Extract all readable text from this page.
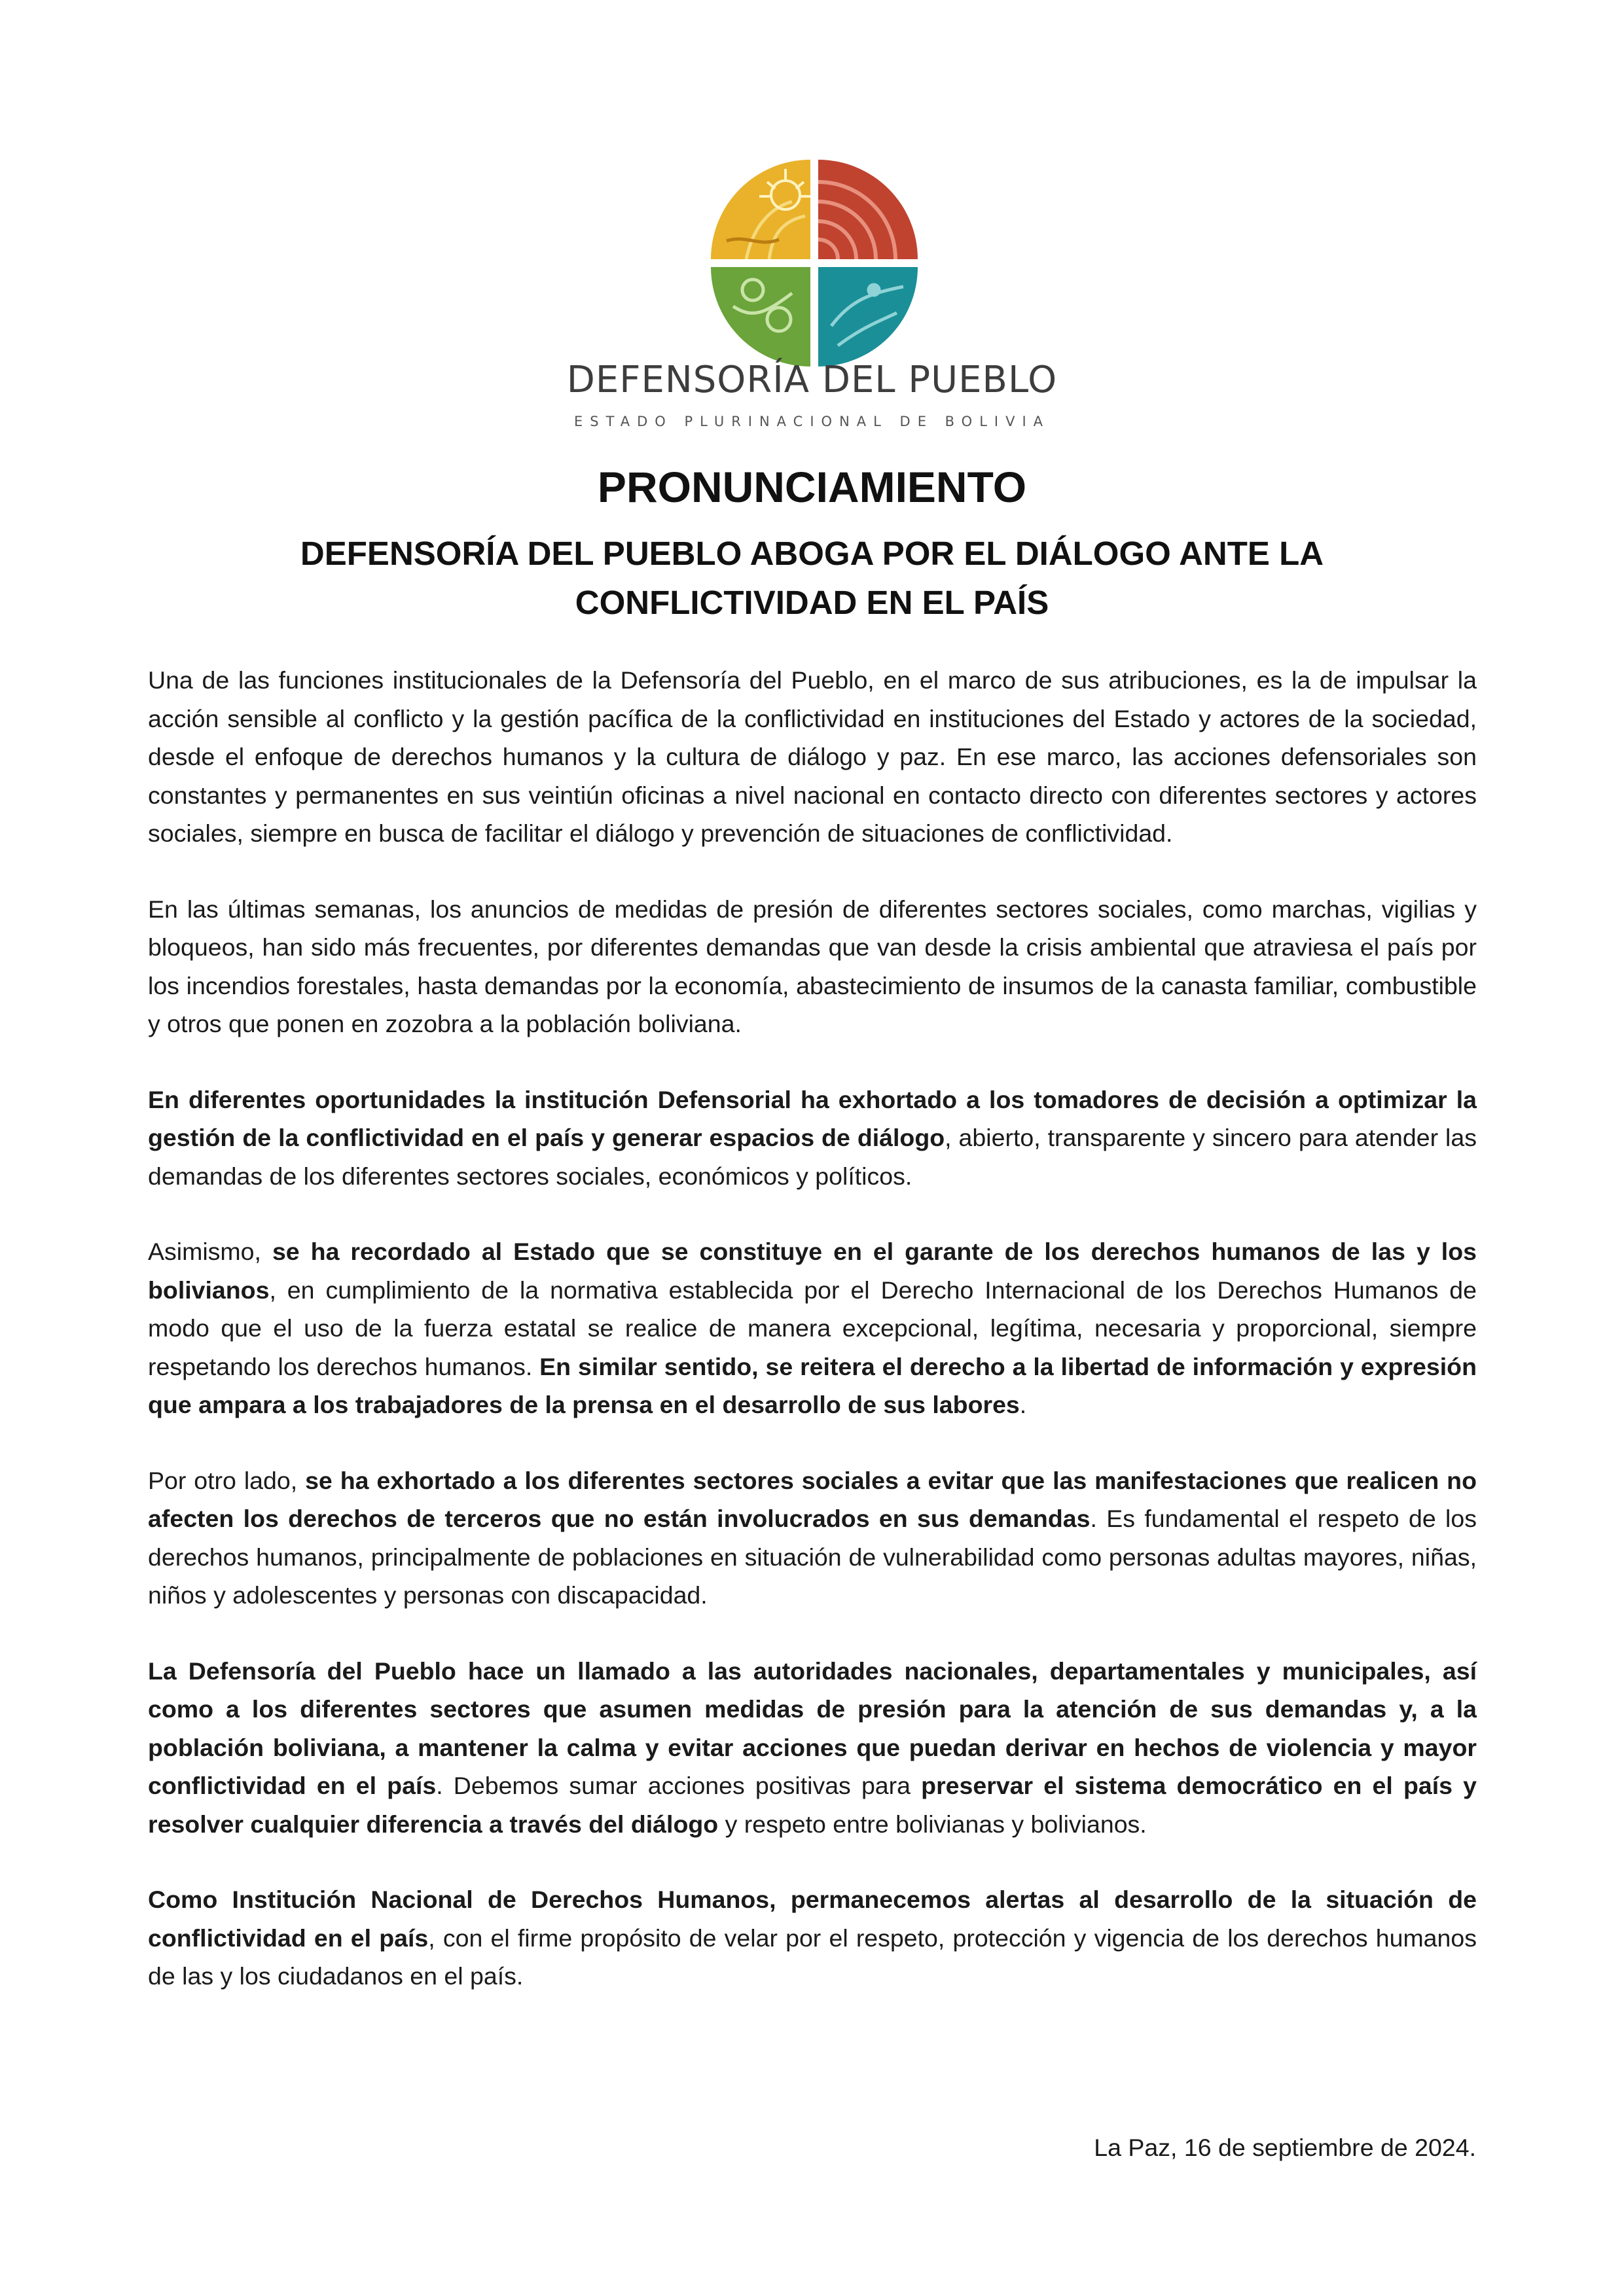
DEFENSORÍA DEL PUEBLO
ESTADO PLURINACIONAL DE BOLIVIA
PRONUNCIAMIENTO
DEFENSORÍA DEL PUEBLO ABOGA POR EL DIÁLOGO ANTE LA CONFLICTIVIDAD EN EL PAÍS

Una de las funciones institucionales de la Defensoría del Pueblo, en el marco de sus atribuciones, es la de impulsar la acción sensible al conflicto y la gestión pacífica de la conflictividad en instituciones del Estado y actores de la sociedad, desde el enfoque de derechos humanos y la cultura de diálogo y paz. En ese marco, las acciones defensoriales son constantes y permanentes en sus veintiún oficinas a nivel nacional en contacto directo con diferentes sectores y actores sociales, siempre en busca de facilitar el diálogo y prevención de situaciones de conflictividad.

En las últimas semanas, los anuncios de medidas de presión de diferentes sectores sociales, como marchas, vigilias y bloqueos, han sido más frecuentes, por diferentes demandas que van desde la crisis ambiental que atraviesa el país por los incendios forestales, hasta demandas por la economía, abastecimiento de insumos de la canasta familiar, combustible y otros que ponen en zozobra a la población boliviana.

En diferentes oportunidades la institución Defensorial ha exhortado a los tomadores de decisión a optimizar la gestión de la conflictividad en el país y generar espacios de diálogo, abierto, transparente y sincero para atender las demandas de los diferentes sectores sociales, económicos y políticos.

Asimismo, se ha recordado al Estado que se constituye en el garante de los derechos humanos de las y los bolivianos, en cumplimiento de la normativa establecida por el Derecho Internacional de los Derechos Humanos de modo que el uso de la fuerza estatal se realice de manera excepcional, legítima, necesaria y proporcional, siempre respetando los derechos humanos. En similar sentido, se reitera el derecho a la libertad de información y expresión que ampara a los trabajadores de la prensa en el desarrollo de sus labores.

Por otro lado, se ha exhortado a los diferentes sectores sociales a evitar que las manifestaciones que realicen no afecten los derechos de terceros que no están involucrados en sus demandas. Es fundamental el respeto de los derechos humanos, principalmente de poblaciones en situación de vulnerabilidad como personas adultas mayores, niñas, niños y adolescentes y personas con discapacidad.

La Defensoría del Pueblo hace un llamado a las autoridades nacionales, departamentales y municipales, así como a los diferentes sectores que asumen medidas de presión para la atención de sus demandas y, a la población boliviana, a mantener la calma y evitar acciones que puedan derivar en hechos de violencia y mayor conflictividad en el país. Debemos sumar acciones positivas para preservar el sistema democrático en el país y resolver cualquier diferencia a través del diálogo y respeto entre bolivianas y bolivianos.

Como Institución Nacional de Derechos Humanos, permanecemos alertas al desarrollo de la situación de conflictividad en el país, con el firme propósito de velar por el respeto, protección y vigencia de los derechos humanos de las y los ciudadanos en el país.

La Paz, 16 de septiembre de 2024.
